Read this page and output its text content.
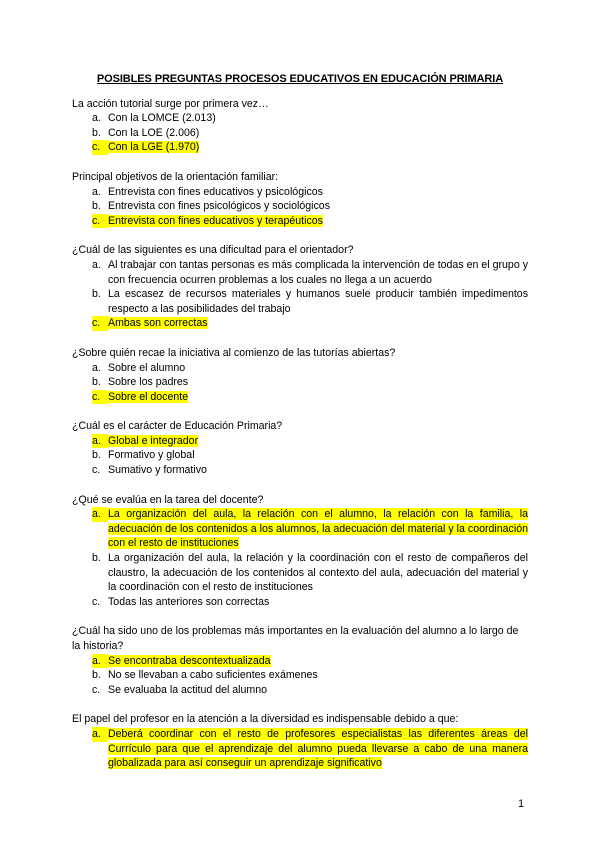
POSIBLES PREGUNTAS PROCESOS EDUCATIVOS EN EDUCACIÓN PRIMARIA

La acción tutorial surge por primera vez…

a. Con la LOMCE (2.013)
b. Con la LOE (2.006)
c. Con la LGE (1.970)

Principal objetivos de la orientación familiar:

a. Entrevista con fines educativos y psicológicos
b. Entrevista con fines psicológicos y sociológicos
c. Entrevista con fines educativos y terapéuticos

¿Cuál de las siguientes es una dificultad para el orientador?

a. Al trabajar con tantas personas es más complicada la intervención de todas en el grupo y con frecuencia ocurren problemas a los cuales no llega a un acuerdo
b. La escasez de recursos materiales y humanos suele producir también impedimentos respecto a las posibilidades del trabajo
c. Ambas son correctas

¿Sobre quién recae la iniciativa al comienzo de las tutorías abiertas?

a. Sobre el alumno
b. Sobre los padres
c. Sobre el docente

¿Cuál es el carácter de Educación Primaria?

a. Global e integrador
b. Formativo y global
c. Sumativo y formativo

¿Qué se evalúa en la tarea del docente?

a. La organización del aula, la relación con el alumno, la relación con la familia, la adecuación de los contenidos a los alumnos, la adecuación del material y la coordinación con el resto de instituciones
b. La organización del aula, la relación y la coordinación con el resto de compañeros del claustro, la adecuación de los contenidos al contexto del aula, adecuación del material y la coordinación con el resto de instituciones
c. Todas las anteriores son correctas

¿Cuál ha sido uno de los problemas más importantes en la evaluación del alumno a lo largo de la historia?

a. Se encontraba descontextualizada
b. No se llevaban a cabo suficientes exámenes
c. Se evaluaba la actitud del alumno

El papel del profesor en la atención a la diversidad es indispensable debido a que:

a. Deberá coordinar con el resto de profesores especialistas las diferentes áreas del Currículo para que el aprendizaje del alumno pueda llevarse a cabo de una manera globalizada para así conseguir un aprendizaje significativo
1
